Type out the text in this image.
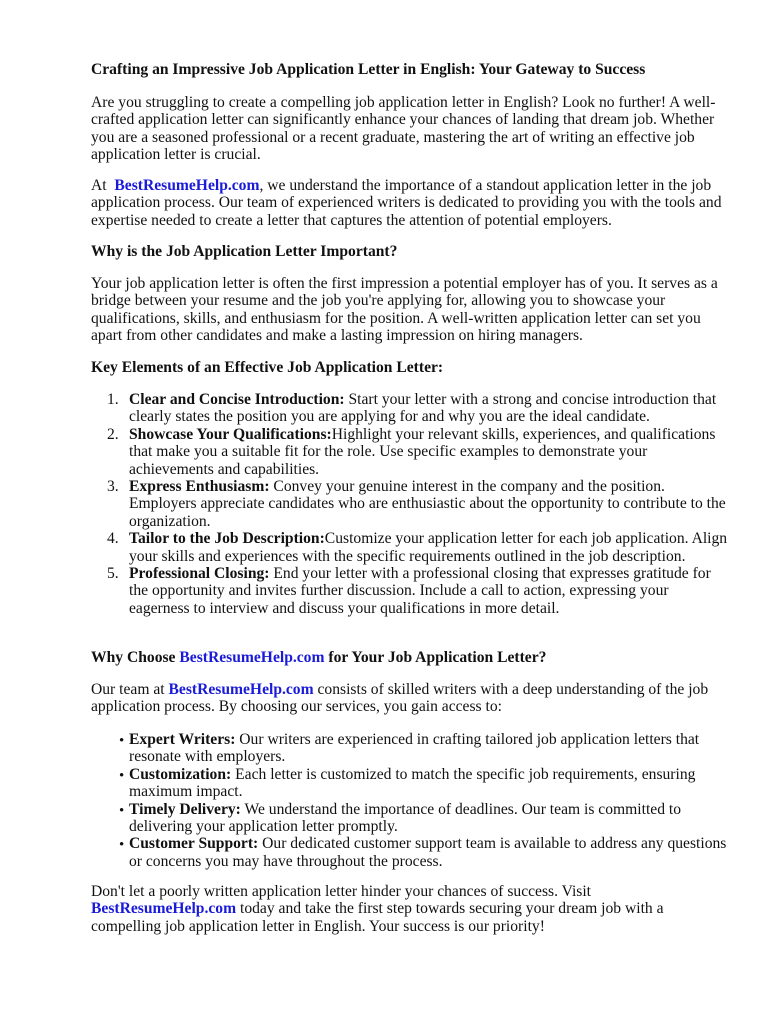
Crafting an Impressive Job Application Letter in English: Your Gateway to Success

Are you struggling to create a compelling job application letter in English? Look no further! A well-crafted application letter can significantly enhance your chances of landing that dream job. Whether you are a seasoned professional or a recent graduate, mastering the art of writing an effective job application letter is crucial.

At BestResumeHelp.com, we understand the importance of a standout application letter in the job application process. Our team of experienced writers is dedicated to providing you with the tools and expertise needed to create a letter that captures the attention of potential employers.

Why is the Job Application Letter Important?

Your job application letter is often the first impression a potential employer has of you. It serves as a bridge between your resume and the job you're applying for, allowing you to showcase your qualifications, skills, and enthusiasm for the position. A well-written application letter can set you apart from other candidates and make a lasting impression on hiring managers.

Key Elements of an Effective Job Application Letter:

1. Clear and Concise Introduction: Start your letter with a strong and concise introduction that clearly states the position you are applying for and why you are the ideal candidate.
2. Showcase Your Qualifications:Highlight your relevant skills, experiences, and qualifications that make you a suitable fit for the role. Use specific examples to demonstrate your achievements and capabilities.
3. Express Enthusiasm: Convey your genuine interest in the company and the position. Employers appreciate candidates who are enthusiastic about the opportunity to contribute to the organization.
4. Tailor to the Job Description:Customize your application letter for each job application. Align your skills and experiences with the specific requirements outlined in the job description.
5. Professional Closing: End your letter with a professional closing that expresses gratitude for the opportunity and invites further discussion. Include a call to action, expressing your eagerness to interview and discuss your qualifications in more detail.

Why Choose BestResumeHelp.com for Your Job Application Letter?

Our team at BestResumeHelp.com consists of skilled writers with a deep understanding of the job application process. By choosing our services, you gain access to:

• Expert Writers: Our writers are experienced in crafting tailored job application letters that resonate with employers.
• Customization: Each letter is customized to match the specific job requirements, ensuring maximum impact.
• Timely Delivery: We understand the importance of deadlines. Our team is committed to delivering your application letter promptly.
• Customer Support: Our dedicated customer support team is available to address any questions or concerns you may have throughout the process.

Don't let a poorly written application letter hinder your chances of success. Visit BestResumeHelp.com today and take the first step towards securing your dream job with a compelling job application letter in English. Your success is our priority!
